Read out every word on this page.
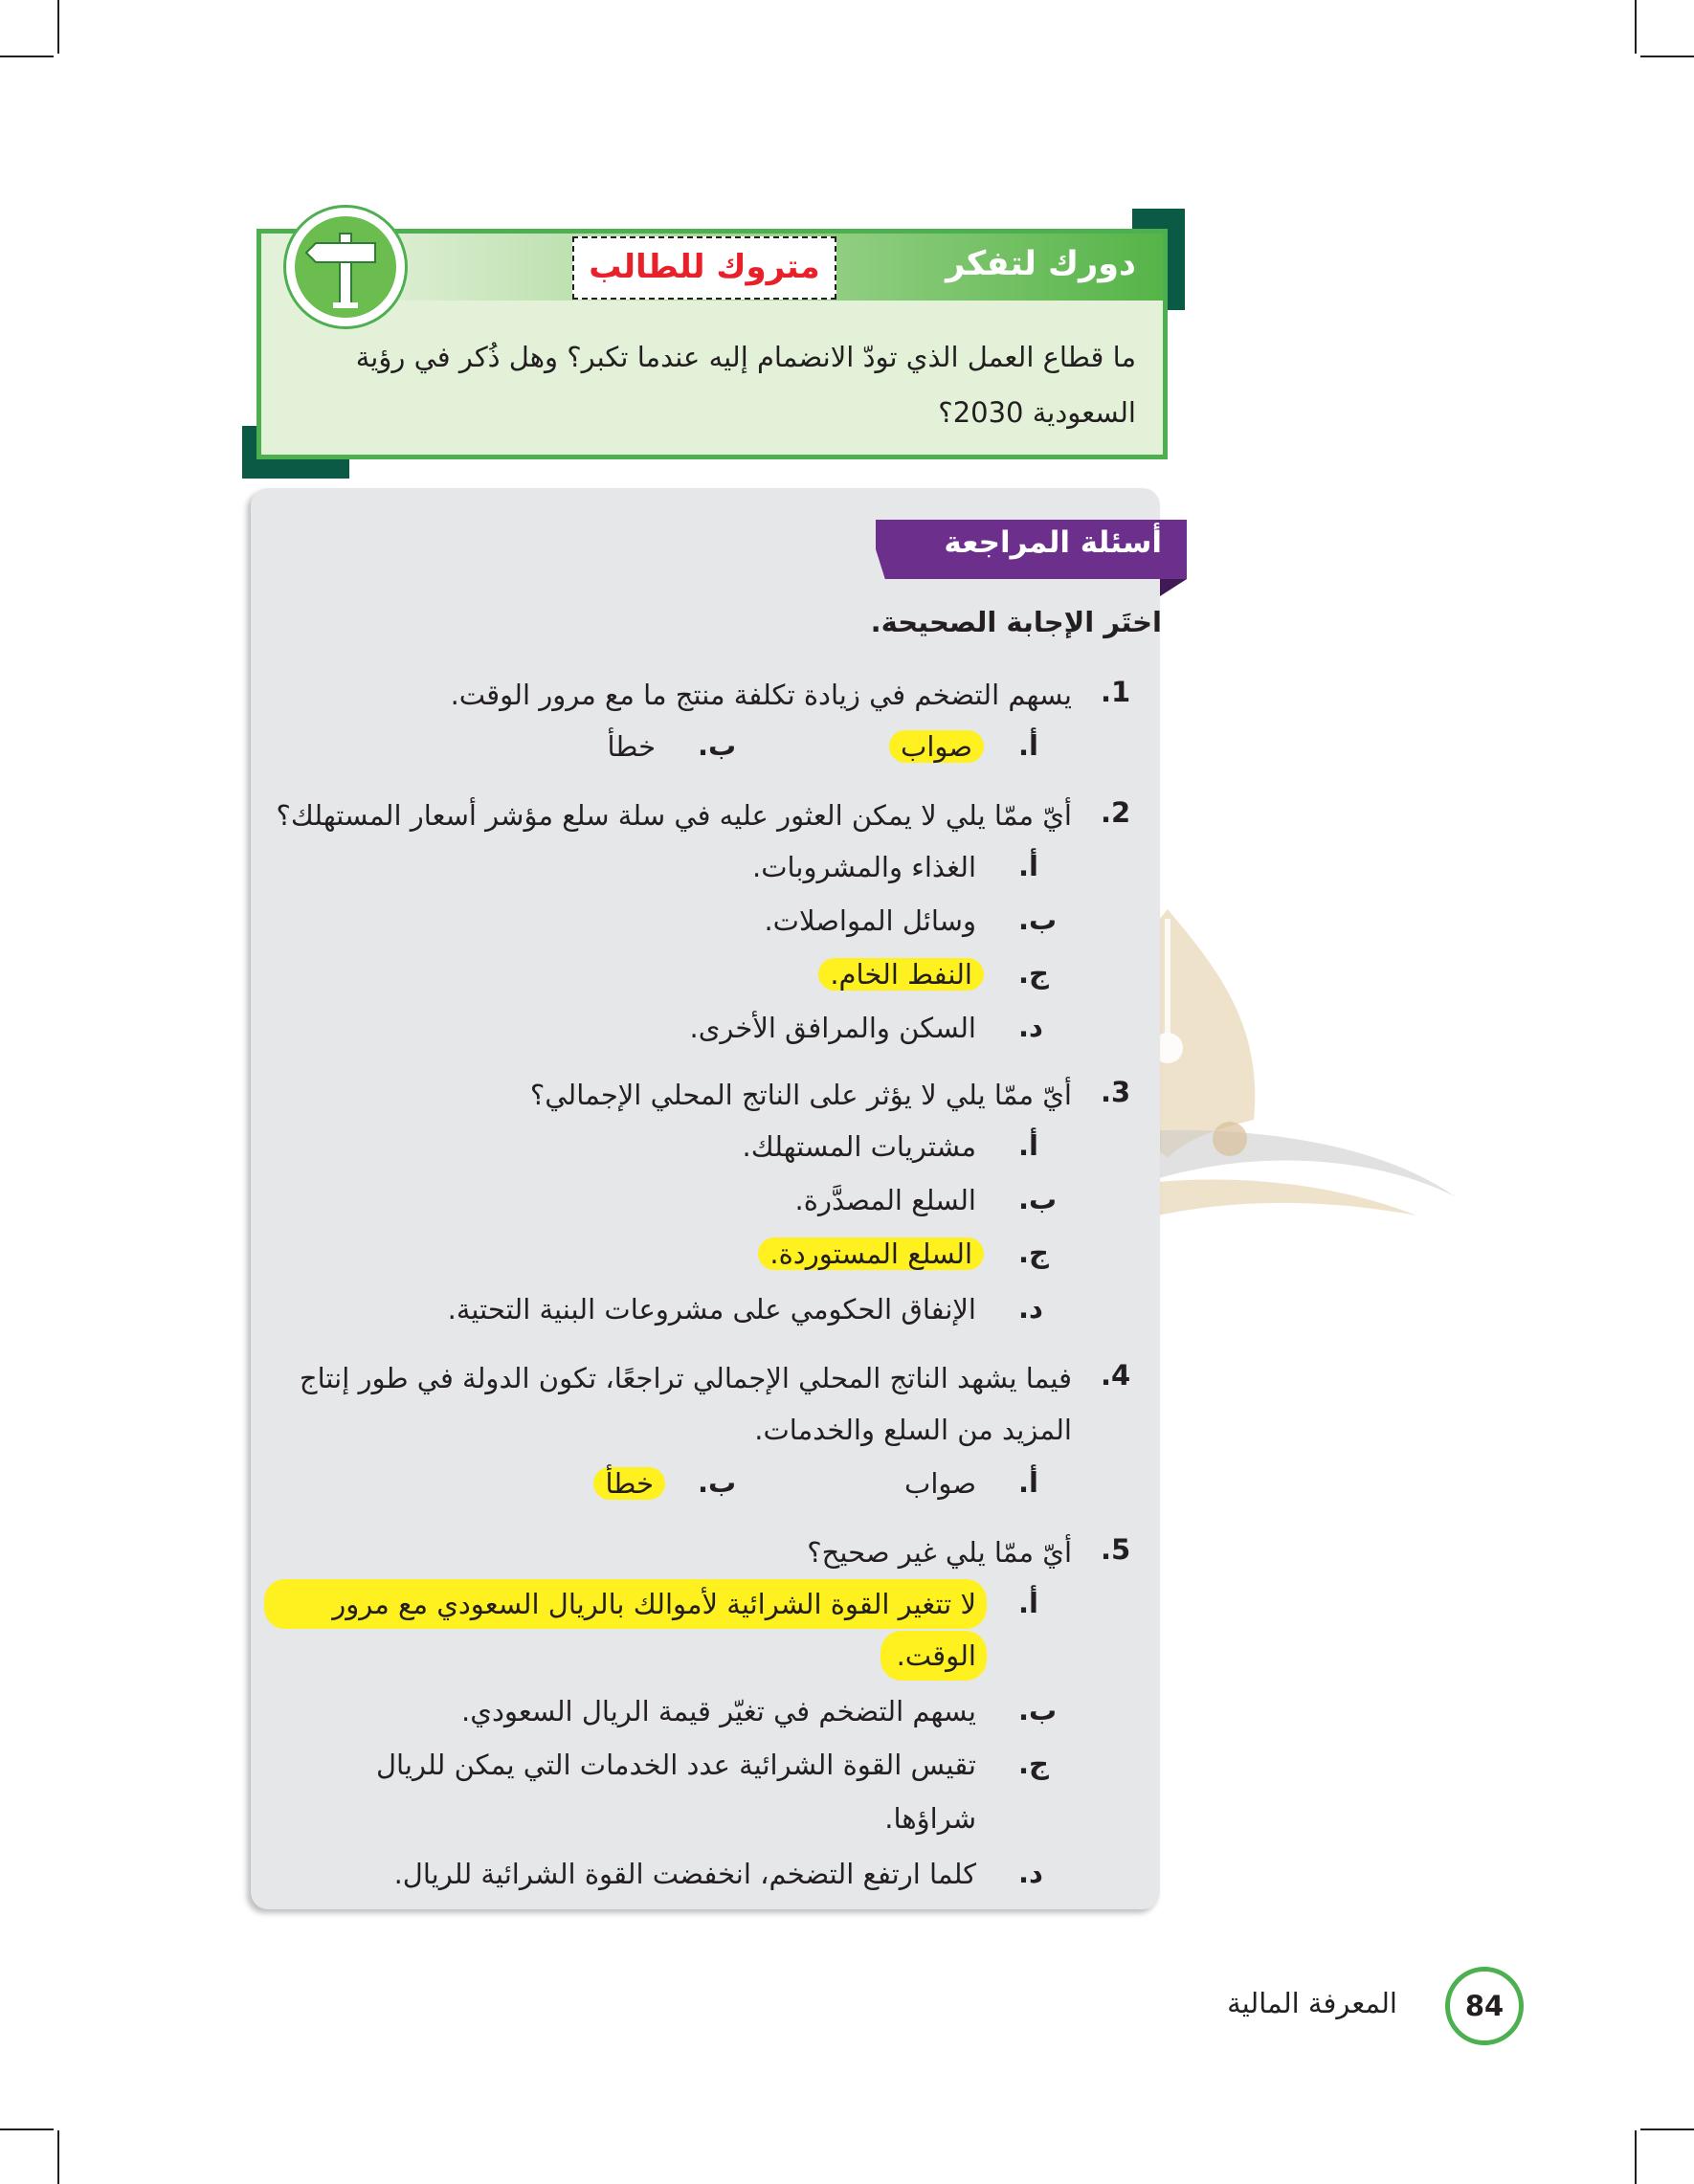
دورك لتفكر
متروك للطالب
ما قطاع العمل الذي تودّ الانضمام إليه عندما تكبر؟ وهل ذُكر في رؤية
السعودية 2030؟
أسئلة المراجعة
اختَر الإجابة الصحيحة.
.1
يسهم التضخم في زيادة تكلفة منتج ما مع مرور الوقت.
أ.
صواب
ب.
خطأ
.2
أيّ ممّا يلي لا يمكن العثور عليه في سلة سلع مؤشر أسعار المستهلك؟
أ.
الغذاء والمشروبات.
ب.
وسائل المواصلات.
ج.
النفط الخام.
د.
السكن والمرافق الأخرى.
.3
أيّ ممّا يلي لا يؤثر على الناتج المحلي الإجمالي؟
أ.
مشتريات المستهلك.
ب.
السلع المصدَّرة.
ج.
السلع المستوردة.
د.
الإنفاق الحكومي على مشروعات البنية التحتية.
.4
فيما يشهد الناتج المحلي الإجمالي تراجعًا، تكون الدولة في طور إنتاج
المزيد من السلع والخدمات.
أ.
صواب
ب.
خطأ
.5
أيّ ممّا يلي غير صحيح؟
أ.
لا تتغير القوة الشرائية لأموالك بالريال السعودي مع مرور
الوقت.
ب.
يسهم التضخم في تغيّر قيمة الريال السعودي.
ج.
تقيس القوة الشرائية عدد الخدمات التي يمكن للريال
شراؤها.
د.
كلما ارتفع التضخم، انخفضت القوة الشرائية للريال.
84
المعرفة المالية
